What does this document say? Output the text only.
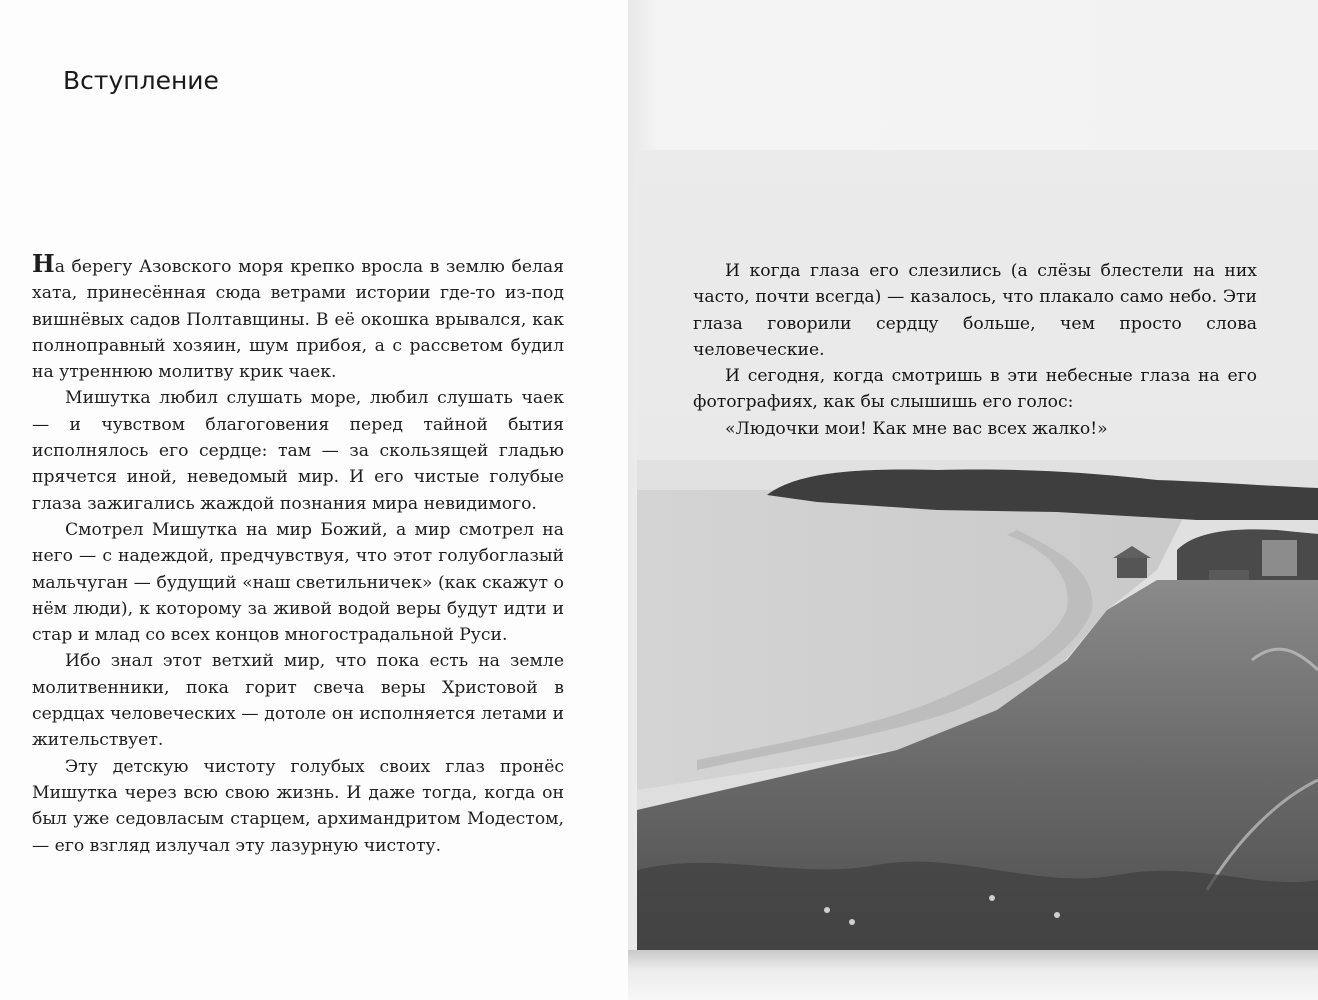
Вступление

На берегу Азовского моря крепко вросла в землю белая хата, принесённая сюда ветрами истории где-то из-под вишнёвых садов Полтавщины. В её окошка врывался, как полноправный хозяин, шум прибоя, а с рассветом будил на утреннюю молитву крик чаек.

Мишутка любил слушать море, любил слушать чаек — и чувством благоговения перед тайной бытия исполнялось его сердце: там — за скользящей гладью прячется иной, неведомый мир. И его чистые голубые глаза зажигались жаждой познания мира невидимого.

Смотрел Мишутка на мир Божий, а мир смотрел на него — с надеждой, предчувствуя, что этот голубоглазый мальчуган — будущий «наш светильничек» (как скажут о нём люди), к которому за живой водой веры будут идти и стар и млад со всех концов многострадальной Руси.

Ибо знал этот ветхий мир, что пока есть на земле молитвенники, пока горит свеча веры Христовой в сердцах человеческих — дотоле он исполняется летами и жительствует.

Эту детскую чистоту голубых своих глаз пронёс Мишутка через всю свою жизнь. И даже тогда, когда он был уже седовласым старцем, архимандритом Модестом, — его взгляд излучал эту лазурную чистоту.

И когда глаза его слезились (а слёзы блестели на них часто, почти всегда) — казалось, что плакало само небо. Эти глаза говорили сердцу больше, чем просто слова человеческие.

И сегодня, когда смотришь в эти небесные глаза на его фотографиях, как бы слышишь его голос:

«Людочки мои! Как мне вас всех жалко!»
